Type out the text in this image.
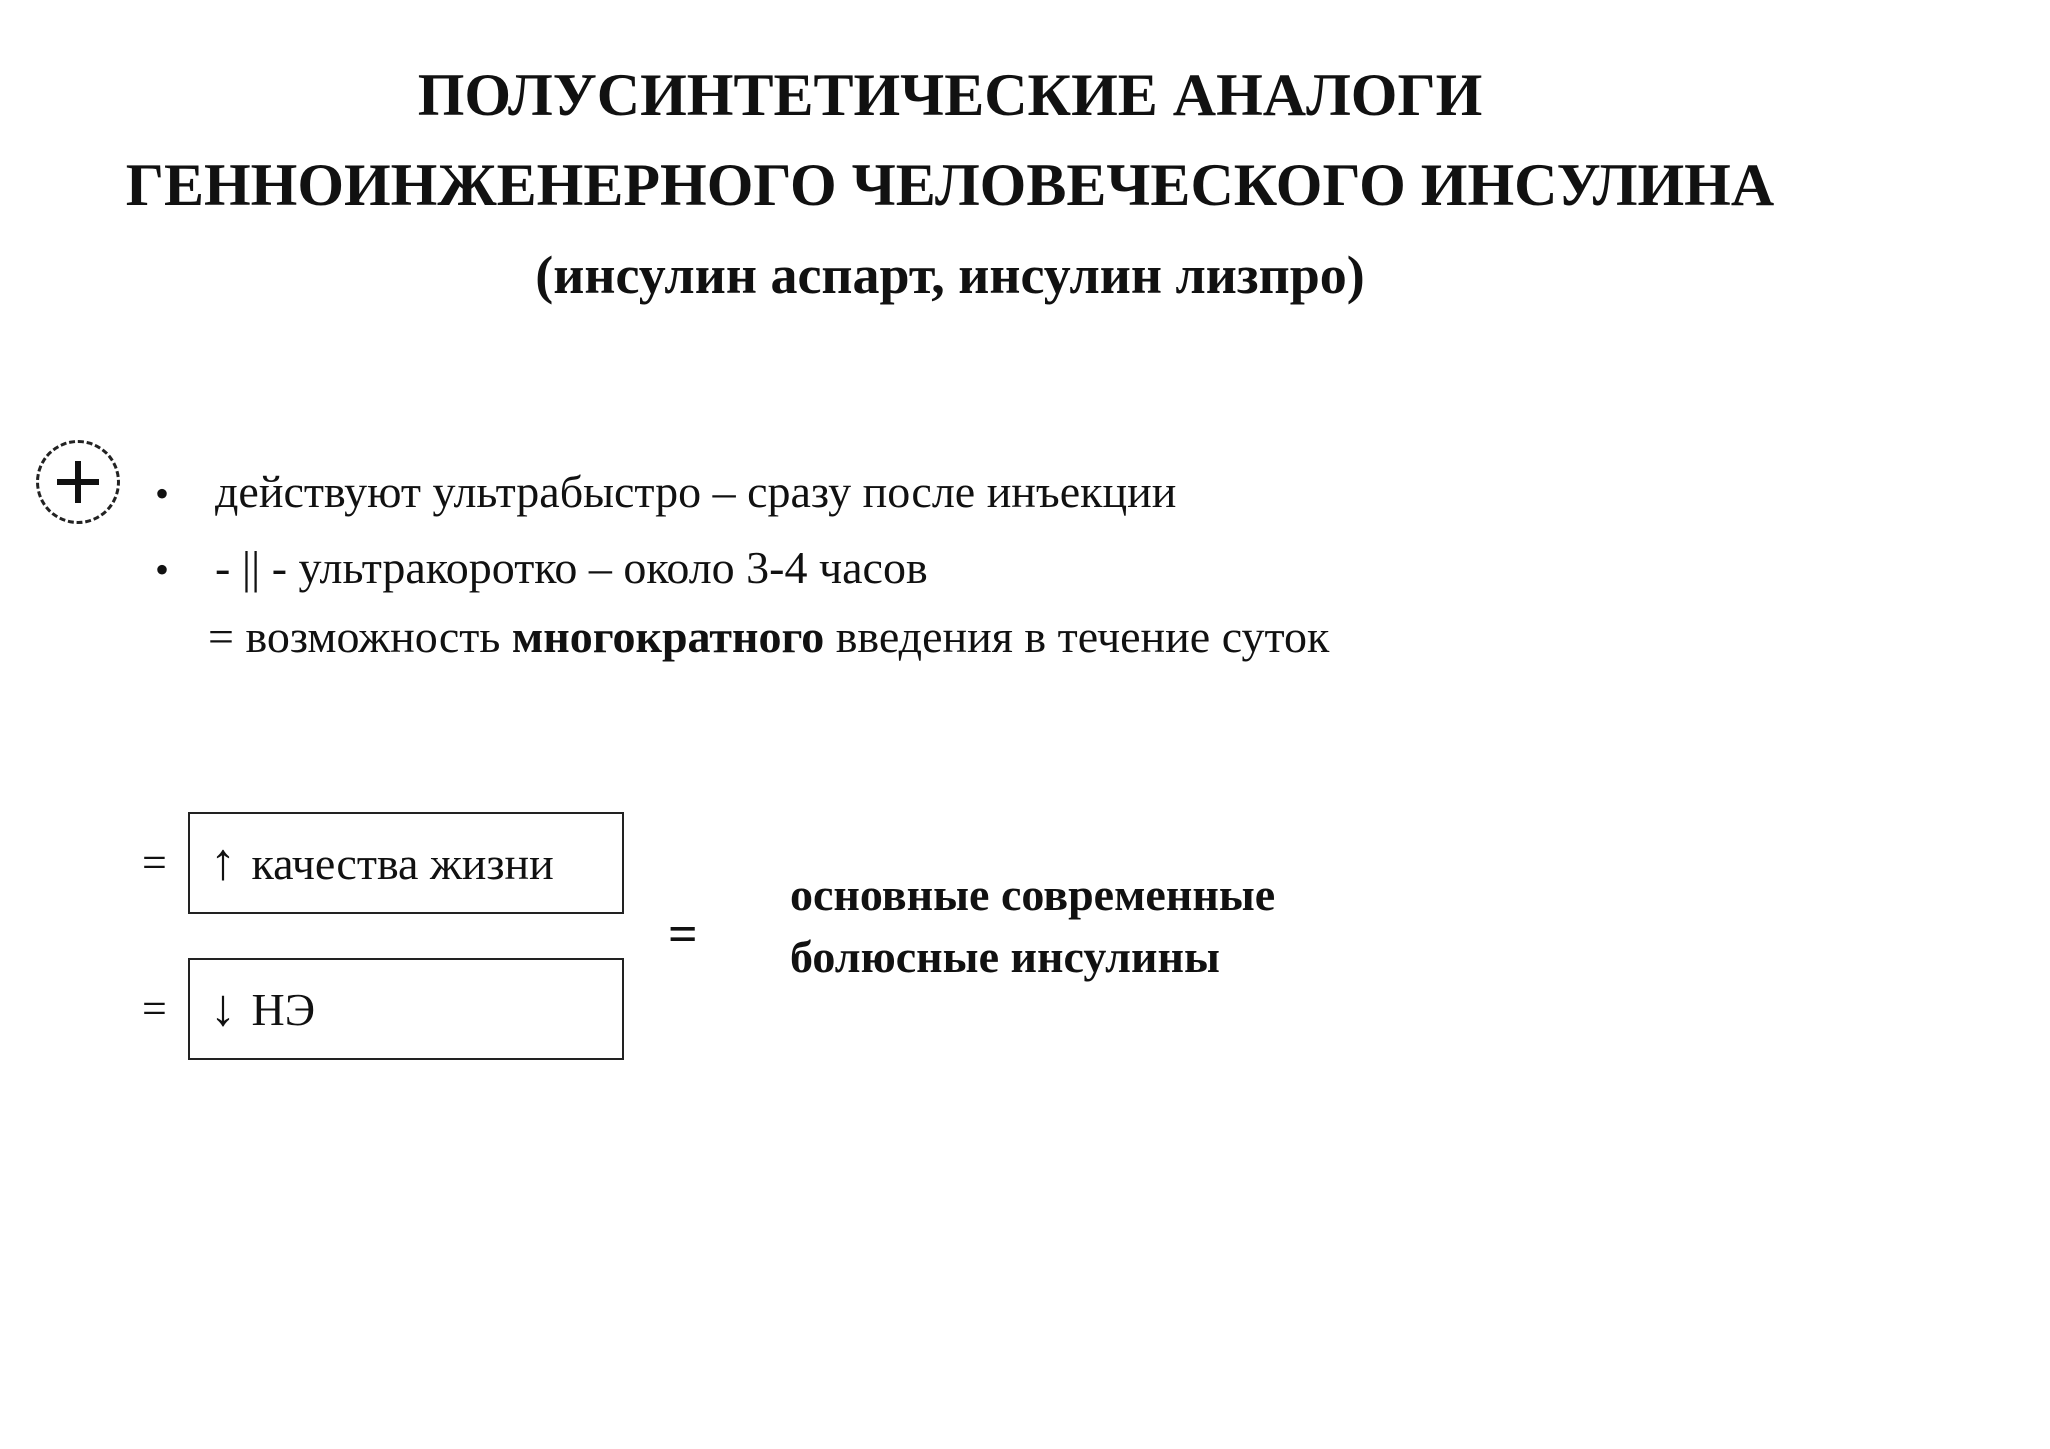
ПОЛУСИНТЕТИЧЕСКИЕ АНАЛОГИ
ГЕННОИНЖЕНЕРНОГО ЧЕЛОВЕЧЕСКОГО ИНСУЛИНА
(инсулин аспарт, инсулин лизпро)
• действуют ультрабыстро – сразу после инъекции
• - || - ультракоротко – около 3-4 часов
= возможность многократного введения в течение суток
= ↑ качества жизни
= ↓ НЭ
=
основные современные
болюсные инсулины
